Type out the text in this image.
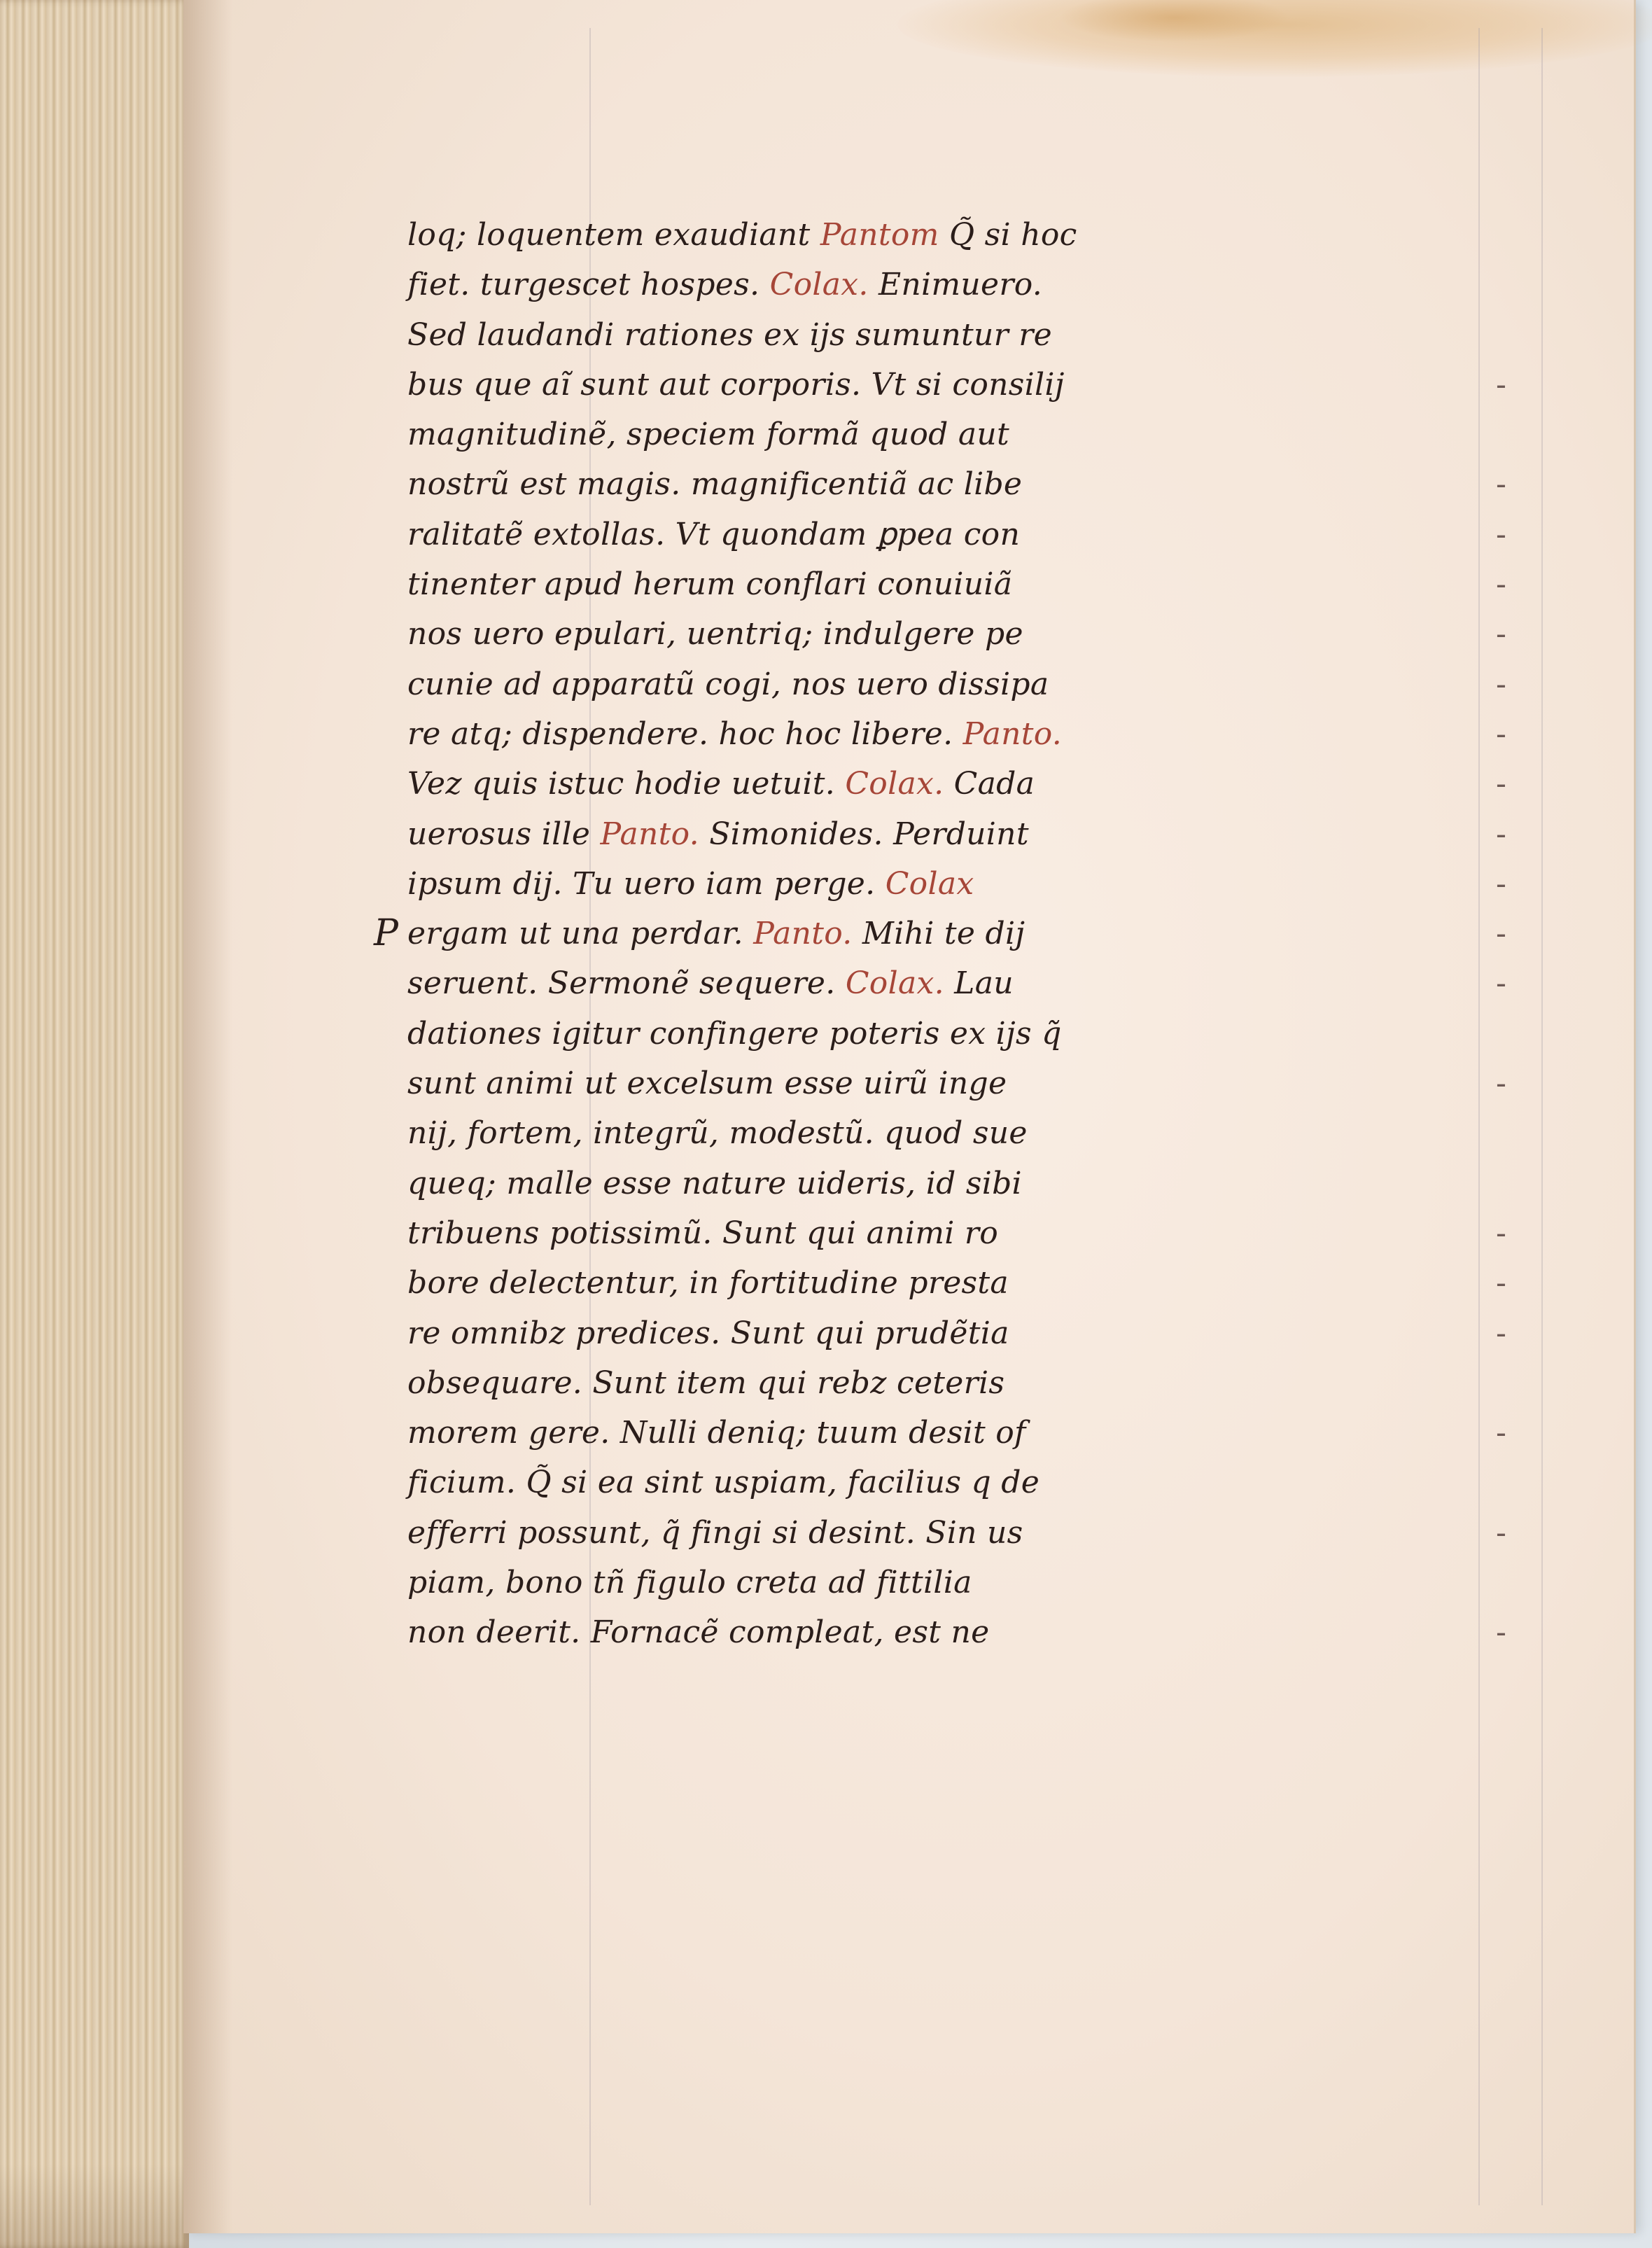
loq; loquentem exaudiant Pantom Q̃ si hoc
fiet. turgescet hospes. Colax. Enimuero.
Sed laudandi rationes ex ijs sumuntur re
bus que aĩ sunt aut corporis. Vt si consilij	-
magnitudinẽ, speciem formã quod aut
nostrũ est magis. magnificentiã ac libe	-
ralitatẽ extollas. Vt quondam ꝑpea con	-
tinenter apud herum conflari conuiuiã	-
nos uero epulari, uentriq; indulgere pe	-
cunie ad apparatũ cogi, nos uero dissipa	-
re atq; dispendere. hoc hoc libere. Panto.	-
Vez quis istuc hodie uetuit. Colax. Cada	-
uerosus ille Panto. Simonides. Perduint	-
ipsum dij. Tu uero iam perge. Colax	-
P ergam ut una perdar. Panto. Mihi te dij	-
seruent. Sermonẽ sequere. Colax. Lau	-
dationes igitur confingere poteris ex ijs q̃
sunt animi ut excelsum esse uirũ inge	-
nij, fortem, integrũ, modestũ. quod sue
queq; malle esse nature uideris, id sibi
tribuens potissimũ. Sunt qui animi ro	-
bore delectentur, in fortitudine presta	-
re omnibz predices. Sunt qui prudẽtia	-
obsequare. Sunt item qui rebz ceteris
morem gere. Nulli deniq; tuum desit of	-
ficium. Q̃ si ea sint uspiam, facilius q de
efferri possunt, q̃ fingi si desint. Sin us	-
piam, bono tñ figulo creta ad fittilia
non deerit. Fornacẽ compleat, est ne	-
